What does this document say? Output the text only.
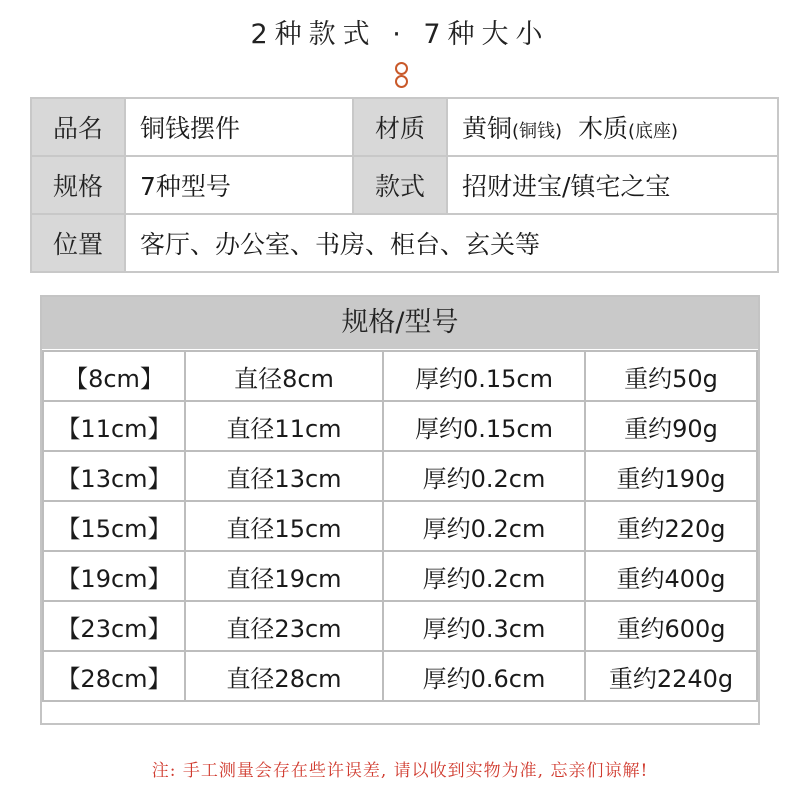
2种款式 · 7种大小
品名	铜钱摆件	材质	黄铜(铜钱) 木质(底座)
规格	7种型号	款式	招财进宝/镇宅之宝
位置	客厅、办公室、书房、柜台、玄关等		
规格/型号
【8cm】	直径8cm	厚约0.15cm	重约50g
【11cm】	直径11cm	厚约0.15cm	重约90g
【13cm】	直径13cm	厚约0.2cm	重约190g
【15cm】	直径15cm	厚约0.2cm	重约220g
【19cm】	直径19cm	厚约0.2cm	重约400g
【23cm】	直径23cm	厚约0.3cm	重约600g
【28cm】	直径28cm	厚约0.6cm	重约2240g
注: 手工测量会存在些许误差, 请以收到实物为准, 忘亲们谅解!
